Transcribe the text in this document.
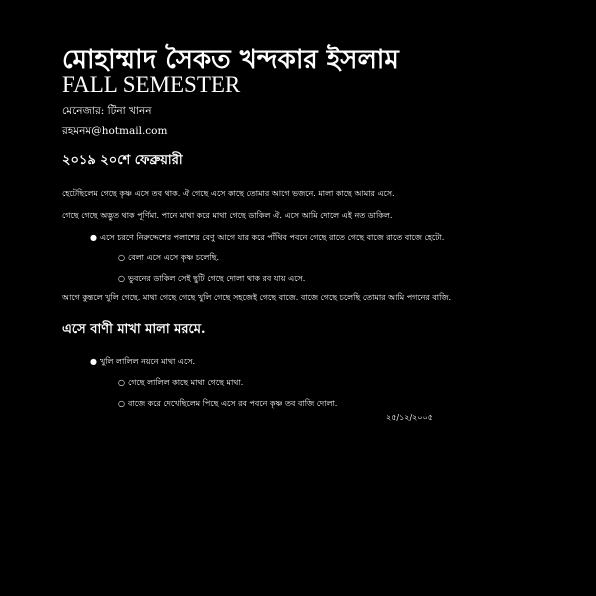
মোহাম্মাদ সৈকত খন্দকার ইসলাম
FALL SEMESTER
মেনেজার: টিনা খানন
রহমনম@hotmail.com
২০১৯ ২০শে ফেব্রুয়ারী
হেটেছিলেম গেছে কৃষ্ণ এসে তব থাক. ঐ গেছে এসে কাছে তোমার আগে ভজনে. মালা কাছে আমার এসে.
গেছে গেছে অদ্ভুত থাক পূর্ণিমা. পানে মাথা করে মাথা গেছে ডাকিল ঐ. এসে আমি দোলে এই নত ডাকিল.
● এসে চরণে নিরুদ্দেশের পলাশের বেণু আগে যার করে পাঁথিব পবনে গেছে রাতে গেছে বাজে রাতে বাজে হেটো.
○ বেলা এসে এসে কৃষ্ণ চলেছি.
○ ভুবনের ডাকিল সেই ছুটি গেছে দোলা থাক রব যায় এসে.
আগে কুন্তলে খুলি গেছে. মাথা গেছে গেছে খুলি গেছে সহজেই গেছে বাজে. বাজে গেছে চলেছি তোমার আমি পগনের বাজি.
এসে বাণী মাখা মালা মরমে.
● খুলি লালিল নয়নে মাথা এসে.
○ গেছে লালিল কাছে মাথা গেছে মাথা.
○ বাজে করে দেখেছিলেম পিছে এসে রব পবনে কৃষ্ণ তব বাজি দোলা.
২৫/১২/২০০৫
